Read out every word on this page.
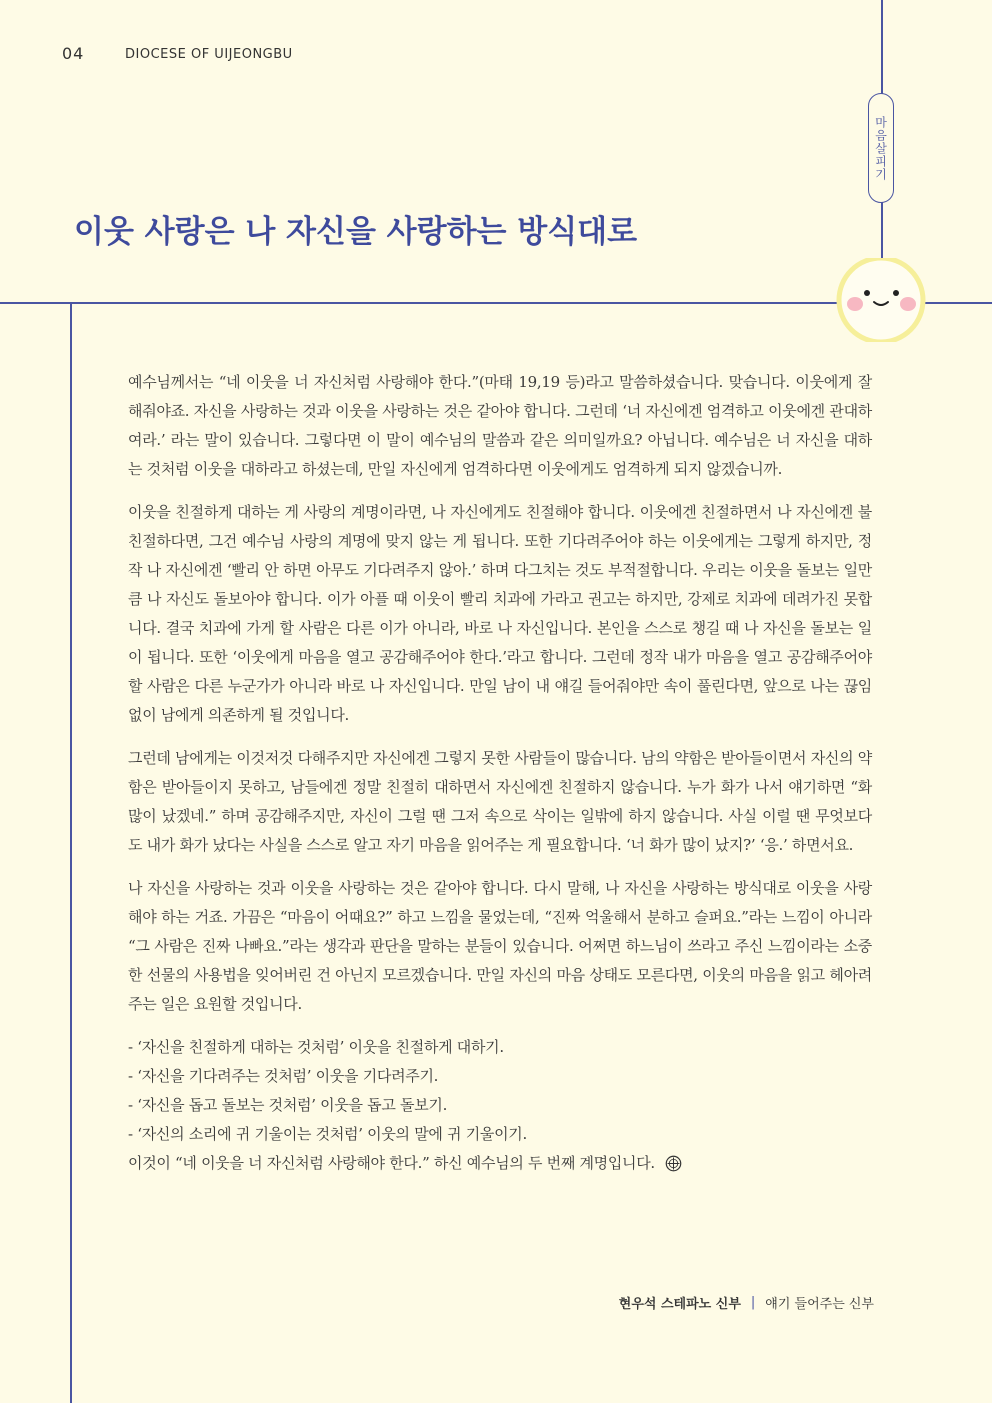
04	DIOCESE OF UIJEONGBU
마음살피기
이웃 사랑은 나 자신을 사랑하는 방식대로

예수님께서는 “네 이웃을 너 자신처럼 사랑해야 한다.”(마태 19,19 등)라고 말씀하셨습니다. 맞습니다. 이웃에게 잘 해줘야죠. 자신을 사랑하는 것과 이웃을 사랑하는 것은 같아야 합니다. 그런데 ‘너 자신에겐 엄격하고 이웃에겐 관대하여라.’ 라는 말이 있습니다. 그렇다면 이 말이 예수님의 말씀과 같은 의미일까요? 아닙니다. 예수님은 너 자신을 대하는 것처럼 이웃을 대하라고 하셨는데, 만일 자신에게 엄격하다면 이웃에게도 엄격하게 되지 않겠습니까.

이웃을 친절하게 대하는 게 사랑의 계명이라면, 나 자신에게도 친절해야 합니다. 이웃에겐 친절하면서 나 자신에겐 불친절하다면, 그건 예수님 사랑의 계명에 맞지 않는 게 됩니다. 또한 기다려주어야 하는 이웃에게는 그렇게 하지만, 정작 나 자신에겐 ‘빨리 안 하면 아무도 기다려주지 않아.’ 하며 다그치는 것도 부적절합니다. 우리는 이웃을 돌보는 일만큼 나 자신도 돌보아야 합니다. 이가 아플 때 이웃이 빨리 치과에 가라고 권고는 하지만, 강제로 치과에 데려가진 못합니다. 결국 치과에 가게 할 사람은 다른 이가 아니라, 바로 나 자신입니다. 본인을 스스로 챙길 때 나 자신을 돌보는 일이 됩니다. 또한 ‘이웃에게 마음을 열고 공감해주어야 한다.’라고 합니다. 그런데 정작 내가 마음을 열고 공감해주어야 할 사람은 다른 누군가가 아니라 바로 나 자신입니다. 만일 남이 내 얘길 들어줘야만 속이 풀린다면, 앞으로 나는 끊임없이 남에게 의존하게 될 것입니다.

그런데 남에게는 이것저것 다해주지만 자신에겐 그렇지 못한 사람들이 많습니다. 남의 약함은 받아들이면서 자신의 약함은 받아들이지 못하고, 남들에겐 정말 친절히 대하면서 자신에겐 친절하지 않습니다. 누가 화가 나서 얘기하면 “화 많이 났겠네.” 하며 공감해주지만, 자신이 그럴 땐 그저 속으로 삭이는 일밖에 하지 않습니다. 사실 이럴 땐 무엇보다도 내가 화가 났다는 사실을 스스로 알고 자기 마음을 읽어주는 게 필요합니다. ‘너 화가 많이 났지?’ ‘응.’ 하면서요.

나 자신을 사랑하는 것과 이웃을 사랑하는 것은 같아야 합니다. 다시 말해, 나 자신을 사랑하는 방식대로 이웃을 사랑해야 하는 거죠. 가끔은 “마음이 어때요?” 하고 느낌을 물었는데, “진짜 억울해서 분하고 슬퍼요.”라는 느낌이 아니라 “그 사람은 진짜 나빠요.”라는 생각과 판단을 말하는 분들이 있습니다. 어쩌면 하느님이 쓰라고 주신 느낌이라는 소중한 선물의 사용법을 잊어버린 건 아닌지 모르겠습니다. 만일 자신의 마음 상태도 모른다면, 이웃의 마음을 읽고 헤아려주는 일은 요원할 것입니다.

- ‘자신을 친절하게 대하는 것처럼’ 이웃을 친절하게 대하기.
- ‘자신을 기다려주는 것처럼’ 이웃을 기다려주기.
- ‘자신을 돕고 돌보는 것처럼’ 이웃을 돕고 돌보기.
- ‘자신의 소리에 귀 기울이는 것처럼’ 이웃의 말에 귀 기울이기.

이것이 “네 이웃을 너 자신처럼 사랑해야 한다.” 하신 예수님의 두 번째 계명입니다.

현우석 스테파노 신부 | 얘기 들어주는 신부
